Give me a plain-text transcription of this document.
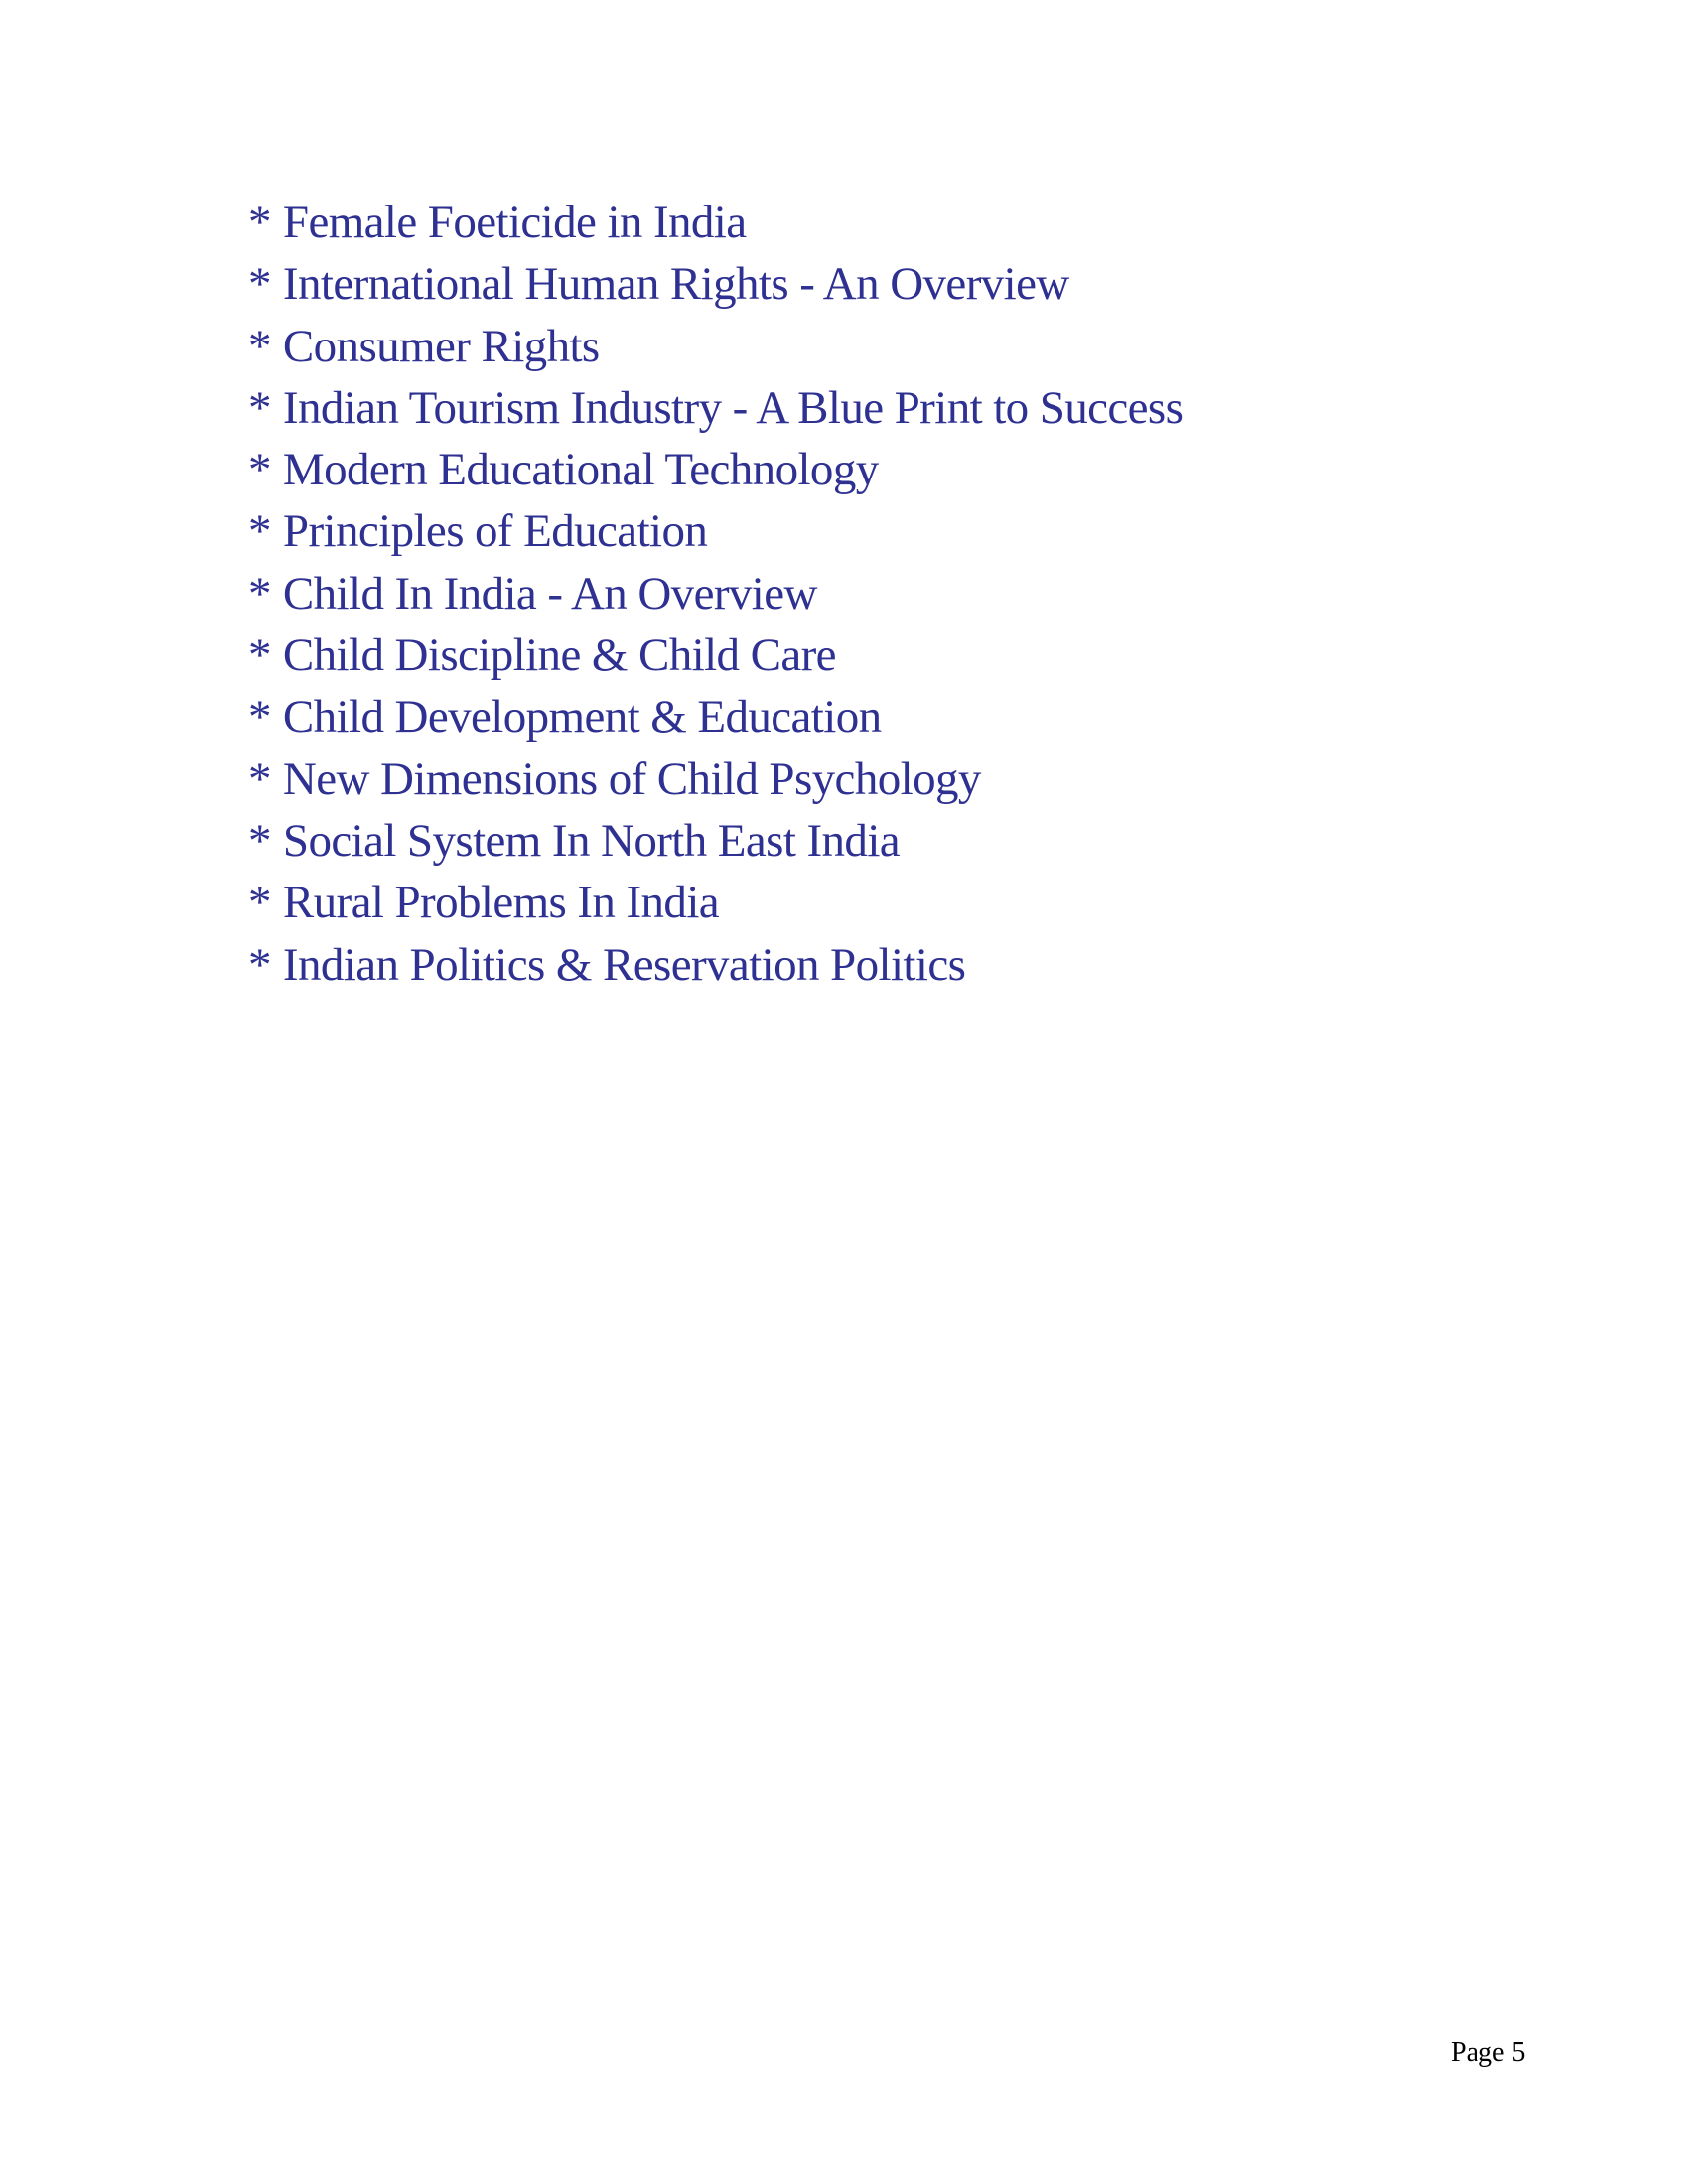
* Female Foeticide in India
* International Human Rights - An Overview
* Consumer Rights
* Indian Tourism Industry - A Blue Print to Success
* Modern Educational Technology
* Principles of Education
* Child In India - An Overview
* Child Discipline & Child Care
* Child Development & Education
* New Dimensions of Child Psychology
* Social System In North East India
* Rural Problems In India
* Indian Politics & Reservation Politics
Page 5
